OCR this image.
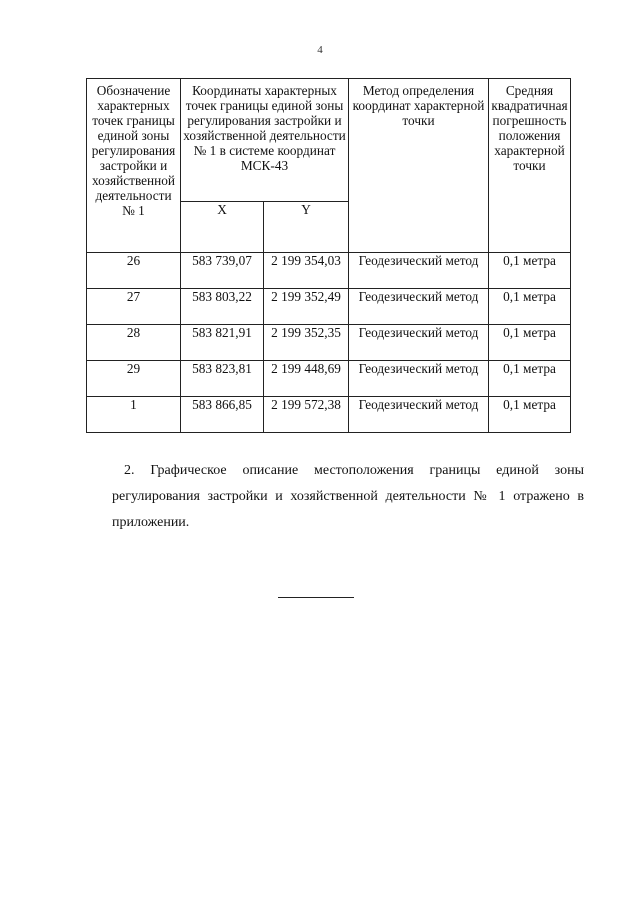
4
Обозначение характерных точек границы единой зоны регулирования застройки и хозяйственной деятельности № 1	Координаты характерных точек границы единой зоны регулирования застройки и хозяйственной деятельности № 1 в системе координат МСК-43		Метод определения координат характерной точки	Средняя квадратичная погрешность положения характерной точки
	X	Y		
26	583 739,07	2 199 354,03	Геодезический метод	0,1 метра
27	583 803,22	2 199 352,49	Геодезический метод	0,1 метра
28	583 821,91	2 199 352,35	Геодезический метод	0,1 метра
29	583 823,81	2 199 448,69	Геодезический метод	0,1 метра
1	583 866,85	2 199 572,38	Геодезический метод	0,1 метра

2. Графическое описание местоположения границы единой зоны регулирования застройки и хозяйственной деятельности № 1 отражено в приложении.
